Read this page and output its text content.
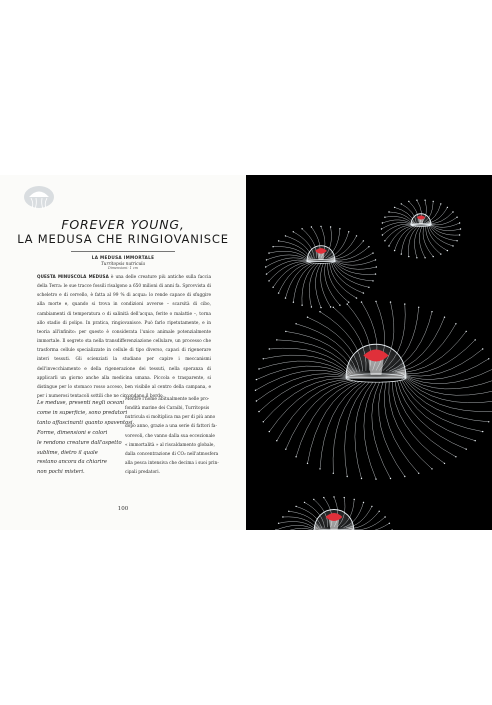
FOREVER YOUNG,
LA MEDUSA CHE RINGIOVANISCE
LA MEDUSA IMMORTALE
Turritopsis nutricula
Dimensioni: 1 cm

QUESTA MINUSCOLA MEDUSA è una delle creature più antiche sulla faccia della Terra: le sue tracce fossili risalgono a 650 milioni di anni fa. Sprovvista di scheletro e di cervello, è fatta al 99 % di acqua: lo rende capace di sfuggire alla morte e, quando si trova in condizioni avverse – scarsità di cibo, cambiamenti di temperatura o di salinità dell'acqua, ferite o malattie –, torna allo stadio di polipo. In pratica, ringiovanisce. Può farlo ripetutamente, e in teoria all'infinito: per questo è considerata l'unico animale potenzialmente immortale. Il segreto sta nella transdifferenziazione cellulare, un processo che trasforma cellule specializzate in cellule di tipo diverso, capaci di rigenerare interi tessuti. Gli scienziati la studiano per capire i meccanismi dell'invecchiamento e della rigenerazione dei tessuti, nella speranza di applicarli un giorno anche alla medicina umana. Piccola e trasparente, si distingue per lo stomaco rosso acceso, ben visibile al centro della campana, e per i numerosi tentacoli sottili che ne circondano il bordo.

Le meduse, presenti negli oceani
come in superficie, sono predatori
tanto affascinanti quanto spaventosi.
Forme, dimensioni e colori
le rendono creature dall'aspetto
sublime, dietro il quale
restano ancora da chiarire
non pochi misteri.
Mentre l'home abitualmente nelle pro-
fondità marine dei Caraibi, Turritopsis
nutricula si moltiplica ma per di più anno
dopo anno, grazie a una serie di fattori fa-
vorevoli, che vanno dalla sua eccezionale
« immortalità » al riscaldamento globale,
dalla concentrazione di CO₂ nell'atmosfera
alla pesca intensiva che decima i suoi prin-
cipali predatori.
100
